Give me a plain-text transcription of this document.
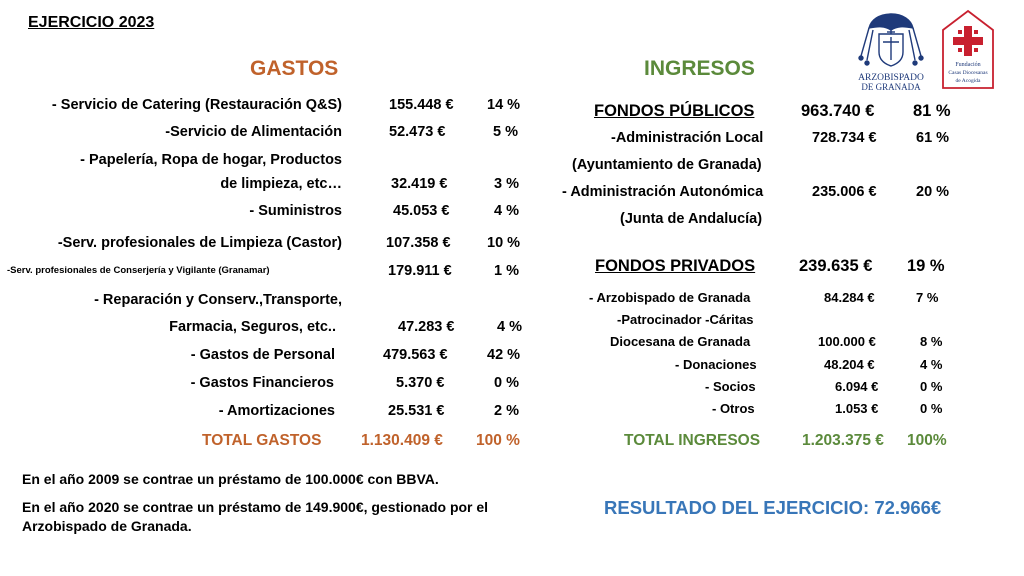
EJERCICIO 2023
ARZOBISPADO
DE GRANADA
Fundación
Casas Diocesanas
de Acogida
GASTOS
- Servicio de Catering (Restauración Q&S)	155.448 € 14 %
-Servicio de Alimentación	52.473 €	5 %
- Papelería, Ropa de hogar, Productos
de limpieza, etc…	32.419 €	3 %
- Suministros	45.053 €	4 %
-Serv. profesionales de Limpieza (Castor)	107.358 €	10 %
-Serv. profesionales de Conserjería y Vigilante (Granamar)	179.911 €	1 %
- Reparación y Conserv.,Transporte,
Farmacia, Seguros, etc..	47.283 €	4 %
- Gastos de Personal	479.563 €	42 %
- Gastos Financieros	5.370 €	0 %
- Amortizaciones	25.531 €	2 %
TOTAL GASTOS	1.130.409 € 100 %
INGRESOS
FONDOS PÚBLICOS	963.740 € 81 %
-Administración Local	728.734 €	61 %
(Ayuntamiento de Granada)
- Administración Autonómica	235.006 €	20 %
(Junta de Andalucía)
FONDOS PRIVADOS	239.635 € 19 %
- Arzobispado de Granada	84.284 €	7 %
-Patrocinador -Cáritas
Diocesana de Granada	100.000 €	8 %
- Donaciones	48.204 €	4 %
- Socios	6.094 €	0 %
- Otros	1.053 €	0 %
TOTAL INGRESOS	1.203.375 € 100%
En el año 2009 se contrae un préstamo de 100.000€ con BBVA.
En el año 2020 se contrae un préstamo de 149.900€, gestionado por el
Arzobispado de Granada.
RESULTADO DEL EJERCICIO: 72.966€
